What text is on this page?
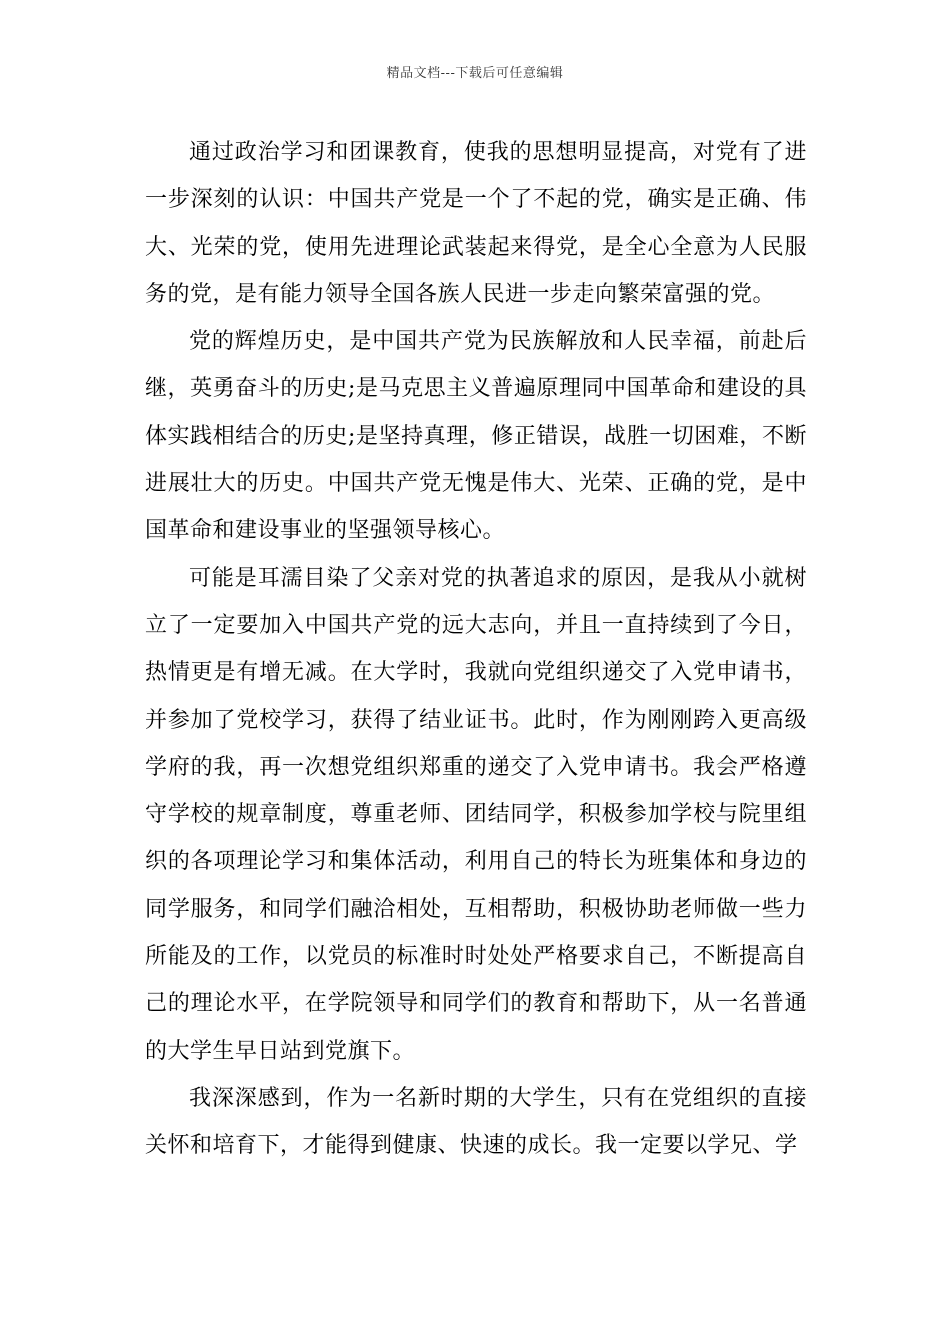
精品文档---下载后可任意编辑

通过政治学习和团课教育，使我的思想明显提高，对党有了进一步深刻的认识：中国共产党是一个了不起的党，确实是正确、伟大、光荣的党，使用先进理论武装起来得党，是全心全意为人民服务的党，是有能力领导全国各族人民进一步走向繁荣富强的党。

党的辉煌历史，是中国共产党为民族解放和人民幸福，前赴后继，英勇奋斗的历史;是马克思主义普遍原理同中国革命和建设的具体实践相结合的历史;是坚持真理，修正错误，战胜一切困难，不断进展壮大的历史。中国共产党无愧是伟大、光荣、正确的党，是中国革命和建设事业的坚强领导核心。

可能是耳濡目染了父亲对党的执著追求的原因，是我从小就树立了一定要加入中国共产党的远大志向，并且一直持续到了今日，热情更是有增无减。在大学时，我就向党组织递交了入党申请书，并参加了党校学习，获得了结业证书。此时，作为刚刚跨入更高级学府的我，再一次想党组织郑重的递交了入党申请书。我会严格遵守学校的规章制度，尊重老师、团结同学，积极参加学校与院里组织的各项理论学习和集体活动，利用自己的特长为班集体和身边的同学服务，和同学们融洽相处，互相帮助，积极协助老师做一些力所能及的工作，以党员的标准时时处处严格要求自己，不断提高自己的理论水平，在学院领导和同学们的教育和帮助下，从一名普通的大学生早日站到党旗下。

我深深感到，作为一名新时期的大学生，只有在党组织的直接关怀和培育下，才能得到健康、快速的成长。我一定要以学兄、学
